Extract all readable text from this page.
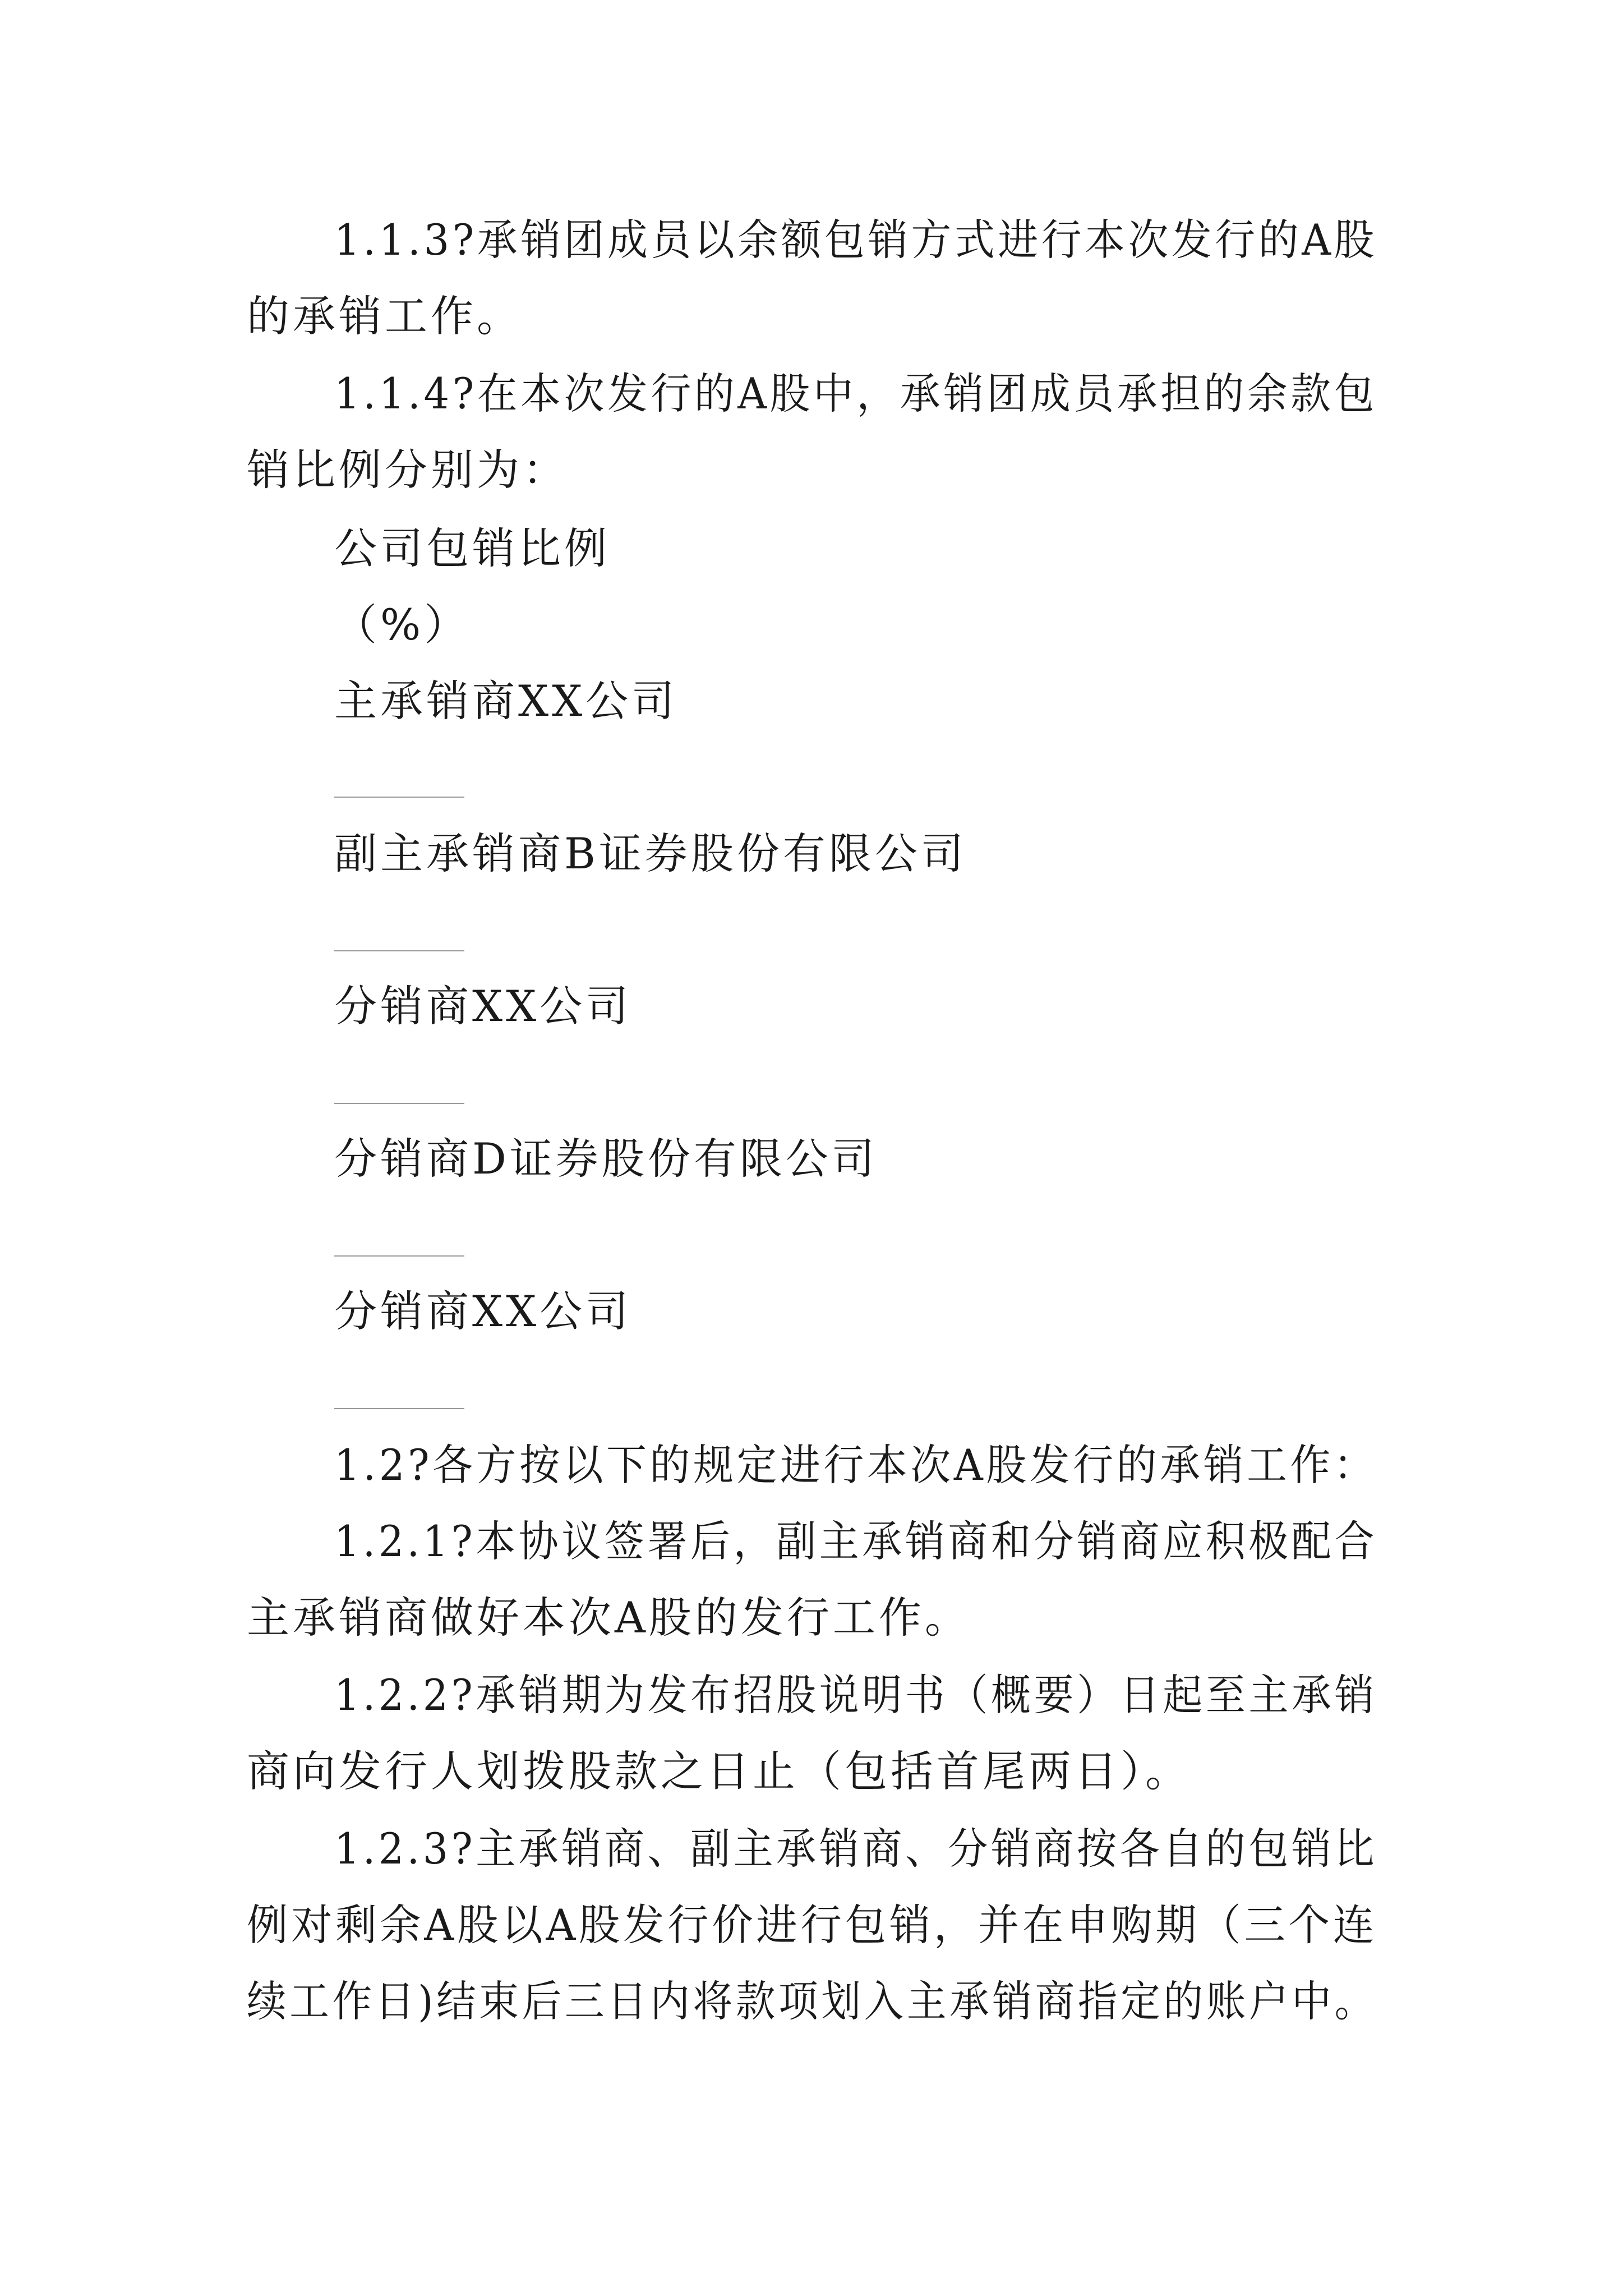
1.1.3?承销团成员以余额包销方式进行本次发行的A股
的承销工作。
1.1.4?在本次发行的A股中，承销团成员承担的余款包
销比例分别为：
公司包销比例
（%）
主承销商XX公司
副主承销商B证券股份有限公司
分销商XX公司
分销商D证券股份有限公司
分销商XX公司
1.2?各方按以下的规定进行本次A股发行的承销工作：
1.2.1?本协议签署后，副主承销商和分销商应积极配合
主承销商做好本次A股的发行工作。
1.2.2?承销期为发布招股说明书（概要）日起至主承销
商向发行人划拨股款之日止（包括首尾两日）。
1.2.3?主承销商、副主承销商、分销商按各自的包销比
例对剩余A股以A股发行价进行包销，并在申购期（三个连
续工作日)结束后三日内将款项划入主承销商指定的账户中。
